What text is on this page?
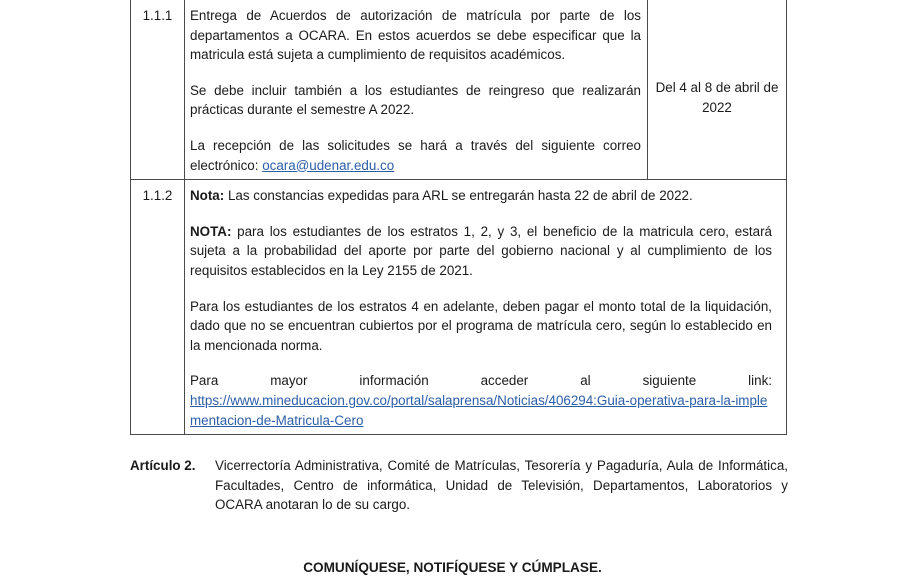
1.1.1	Entrega de Acuerdos de autorización de matrícula por parte de los departamentos a OCARA. En estos acuerdos se debe especificar que la matricula está sujeta a cumplimiento de requisitos académicos.

Se debe incluir también a los estudiantes de reingreso que realizarán prácticas durante el semestre A 2022.

La recepción de las solicitudes se hará a través del siguiente correo electrónico: ocara@udenar.edu.co	Del 4 al 8 de abril de 2022
1.1.2	Nota: Las constancias expedidas para ARL se entregarán hasta 22 de abril de 2022.

NOTA: para los estudiantes de los estratos 1, 2, y 3, el beneficio de la matricula cero, estará sujeta a la probabilidad del aporte por parte del gobierno nacional y al cumplimiento de los requisitos establecidos en la Ley 2155 de 2021.

Para los estudiantes de los estratos 4 en adelante, deben pagar el monto total de la liquidación, dado que no se encuentran cubiertos por el programa de matrícula cero, según lo establecido en la mencionada norma.

Para mayor información acceder al siguiente link:

https://www.mineducacion.gov.co/portal/salaprensa/Noticias/406294:Guia-operativa-para-la-implementacion-de-Matricula-Cero	

Artículo 2. Vicerrectoría Administrativa, Comité de Matrículas, Tesorería y Pagaduría, Aula de Informática, Facultades, Centro de informática, Unidad de Televisión, Departamentos, Laboratorios y OCARA anotaran lo de su cargo.
COMUNÍQUESE, NOTIFÍQUESE Y CÚMPLASE.
